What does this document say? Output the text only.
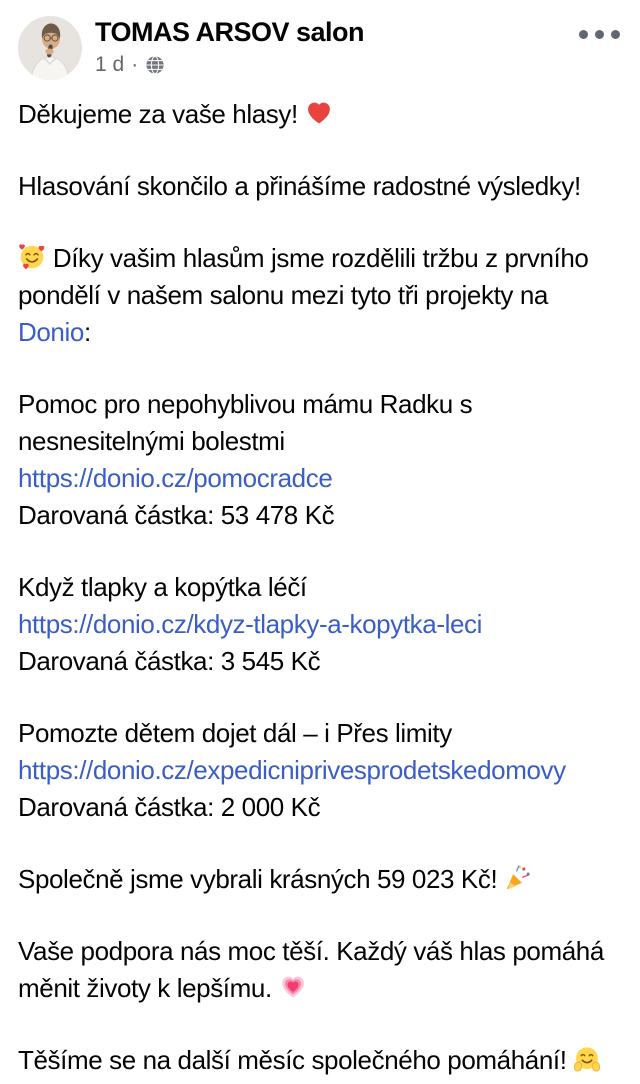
TOMAS ARSOV salon
1 d ·

Děkujeme za vaše hlasy!

Hlasování skončilo a přinášíme radostné výsledky!

Díky vašim hlasům jsme rozdělili tržbu z prvního pondělí v našem salonu mezi tyto tři projekty na Donio:

Pomoc pro nepohyblivou mámu Radku s nesnesitelnými bolestmi
https://donio.cz/pomocradce
Darovaná částka: 53 478 Kč

Když tlapky a kopýtka léčí
https://donio.cz/kdyz-tlapky-a-kopytka-leci
Darovaná částka: 3 545 Kč

Pomozte dětem dojet dál – i Přes limity
https://donio.cz/expedicniprivesprodetskedomovy
Darovaná částka: 2 000 Kč

Společně jsme vybrali krásných 59 023 Kč!

Vaše podpora nás moc těší. Každý váš hlas pomáhá měnit životy k lepšímu.

Těšíme se na další měsíc společného pomáhání!
